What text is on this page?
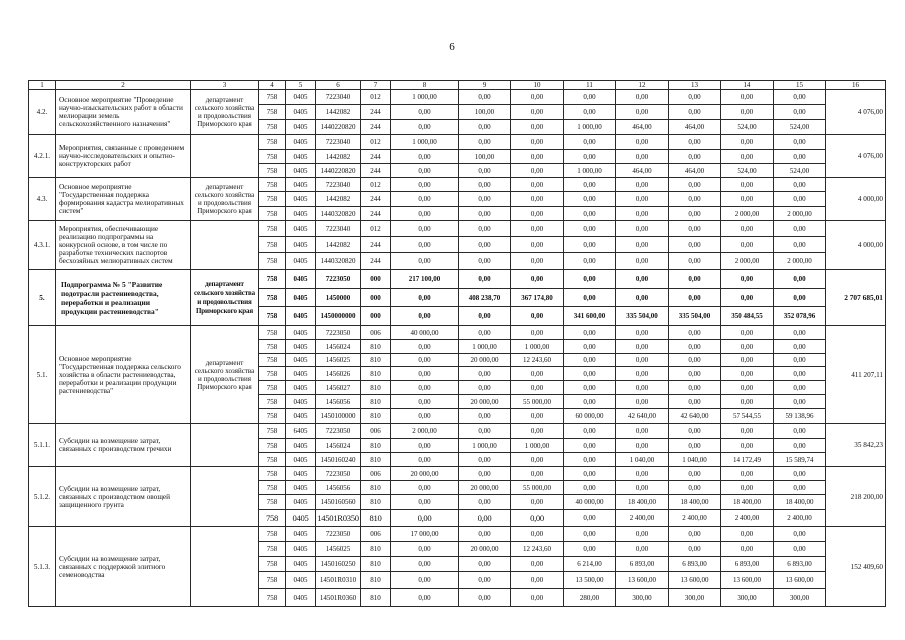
6
1	2	3	4	5	6	7	8	9	10	11	12	13	14	15	16
4.2.	Основное мероприятие "Проведение научно-изыскательских работ в области мелиорации земель сельскохозяйственного назначения"	департамент сельского хозяйства и продовольствия Приморского края	758	0405	7223040	012	1 000,00	0,00	0,00	0,00	0,00	0,00	0,00	0,00	4 076,00
			758	0405	1442082	244	0,00	100,00	0,00	0,00	0,00	0,00	0,00	0,00	
			758	0405	1440220820	244	0,00	0,00	0,00	1 000,00	464,00	464,00	524,00	524,00	
4.2.1.	Мероприятия, связанные с проведением научно-исследовательских и опытно-конструкторских работ		758	0405	7223040	012	1 000,00	0,00	0,00	0,00	0,00	0,00	0,00	0,00	4 076,00
			758	0405	1442082	244	0,00	100,00	0,00	0,00	0,00	0,00	0,00	0,00	
			758	0405	1440220820	244	0,00	0,00	0,00	1 000,00	464,00	464,00	524,00	524,00	
4.3.	Основное мероприятие "Государственная поддержка формирования кадастра мелиоративных систем"	департамент сельского хозяйства и продовольствия Приморского края	758	0405	7223040	012	0,00	0,00	0,00	0,00	0,00	0,00	0,00	0,00	4 000,00
			758	0405	1442082	244	0,00	0,00	0,00	0,00	0,00	0,00	0,00	0,00	
			758	0405	1440320820	244	0,00	0,00	0,00	0,00	0,00	0,00	2 000,00	2 000,00	
4.3.1.	Мероприятия, обеспечивающие реализацию подпрограммы на конкурсной основе, в том числе по разработке технических паспортов бесхозяйных мелиоративных систем		758	0405	7223040	012	0,00	0,00	0,00	0,00	0,00	0,00	0,00	0,00	4 000,00
			758	0405	1442082	244	0,00	0,00	0,00	0,00	0,00	0,00	0,00	0,00	
			758	0405	1440320820	244	0,00	0,00	0,00	0,00	0,00	0,00	2 000,00	2 000,00	
5.	Подпрограмма № 5 "Развитие подотрасли растениеводства, переработки и реализации продукции растениеводства"	департамент сельского хозяйства и продовольствия Приморского края	758	0405	7223050	000	217 100,00	0,00	0,00	0,00	0,00	0,00	0,00	0,00	2 707 685,01
			758	0405	1450000	000	0,00	408 238,70	367 174,80	0,00	0,00	0,00	0,00	0,00	
			758	0405	1450000000	000	0,00	0,00	0,00	341 600,00	335 504,00	335 504,00	350 484,55	352 078,96	
5.1.	Основное мероприятие "Государственная поддержка сельского хозяйства в области растениеводства, переработки и реализации продукции растениеводства"	департамент сельского хозяйства и продовольствия Приморского края	758	0405	7223050	006	40 000,00	0,00	0,00	0,00	0,00	0,00	0,00	0,00	411 207,11
			758	0405	1456024	810	0,00	1 000,00	1 000,00	0,00	0,00	0,00	0,00	0,00	
			758	0405	1456025	810	0,00	20 000,00	12 243,60	0,00	0,00	0,00	0,00	0,00	
			758	0405	1456026	810	0,00	0,00	0,00	0,00	0,00	0,00	0,00	0,00	
			758	0405	1456027	810	0,00	0,00	0,00	0,00	0,00	0,00	0,00	0,00	
			758	0405	1456056	810	0,00	20 000,00	55 000,00	0,00	0,00	0,00	0,00	0,00	
			758	0405	1450100000	810	0,00	0,00	0,00	60 000,00	42 640,00	42 640,00	57 544,55	59 138,96	
5.1.1.	Субсидии на возмещение затрат, связанных с производством гречихи		758	6405	7223050	006	2 000,00	0,00	0,00	0,00	0,00	0,00	0,00	0,00	35 842,23
			758	0405	1456024	810	0,00	1 000,00	1 000,00	0,00	0,00	0,00	0,00	0,00	
			758	0405	1450160240	810	0,00	0,00	0,00	0,00	1 040,00	1 040,00	14 172,49	15 589,74	
5.1.2.	Субсидии на возмещение затрат, связанных с производством овощей защищенного грунта		758	0405	7223050	006	20 000,00	0,00	0,00	0,00	0,00	0,00	0,00	0,00	218 200,00
			758	0405	1456056	810	0,00	20 000,00	55 000,00	0,00	0,00	0,00	0,00	0,00	
			758	0405	1450160560	810	0,00	0,00	0,00	40 000,00	18 400,00	18 400,00	18 400,00	18 400,00	
			758	0405	14501R0350	810	0,00	0,00	0,00	0,00	2 400,00	2 400,00	2 400,00	2 400,00	
5.1.3.	Субсидии на возмещение затрат, связанных с поддержкой элитного семеноводства		758	0405	7223050	006	17 000,00	0,00	0,00	0,00	0,00	0,00	0,00	0,00	152 409,60
			758	0405	1456025	810	0,00	20 000,00	12 243,60	0,00	0,00	0,00	0,00	0,00	
			758	0405	1450160250	810	0,00	0,00	0,00	6 214,00	6 893,00	6 893,00	6 893,00	6 893,00	
			758	0405	14501R0310	810	0,00	0,00	0,00	13 500,00	13 600,00	13 600,00	13 600,00	13 600,00	
			758	0405	14501R0360	810	0,00	0,00	0,00	280,00	300,00	300,00	300,00	300,00	
